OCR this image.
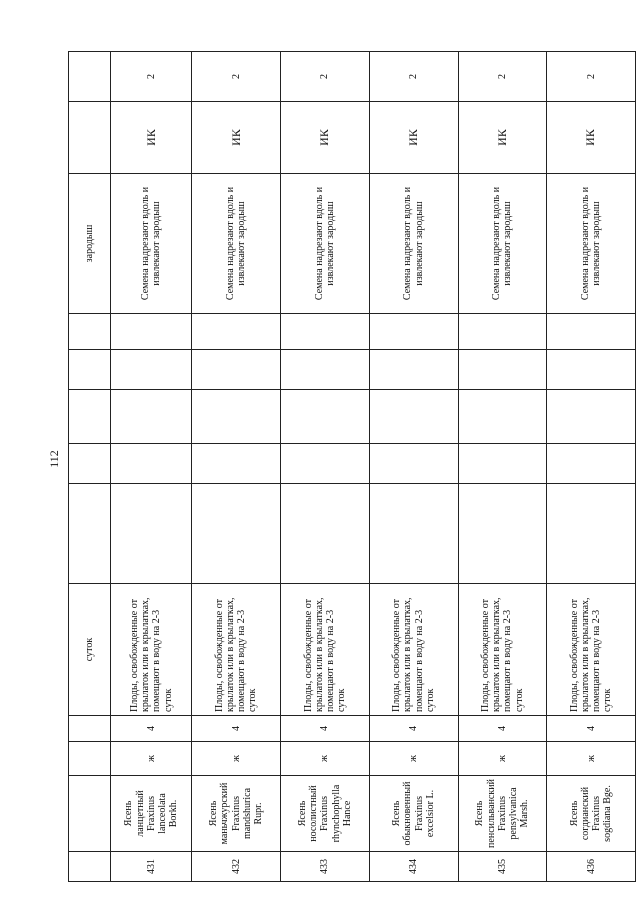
112
				суток						зародыш		
431	Ясень ланцетный Fraxinus lanceolata Borkh.	ж	4	Плоды, освобожденные от крылаток или в крылатках, помещают в воду на 2-3 суток						Семена надрезают вдоль и извлекают зародыш	ИК	2
432	Ясень маньчжурский Fraxinus mandshurica Rupr.	ж	4	Плоды, освобожденные от крылаток или в крылатках, помещают в воду на 2-3 суток						Семена надрезают вдоль и извлекают зародыш	ИК	2
433	Ясень носолистный Fraxinus rhynchophylla Hance	ж	4	Плоды, освобожденные от крылаток или в крылатках, помещают в воду на 2-3 суток						Семена надрезают вдоль и извлекают зародыш	ИК	2
434	Ясень обыкновенный Fraxinus excelsior L.	ж	4	Плоды, освобожденные от крылаток или в крылатках, помещают в воду на 2-3 суток						Семена надрезают вдоль и извлекают зародыш	ИК	2
435	Ясень пенсильванский Fraxinus pensylvanica Marsh.	ж	4	Плоды, освобожденные от крылаток или в крылатках, помещают в воду на 2-3 суток						Семена надрезают вдоль и извлекают зародыш	ИК	2
436	Ясень согдианский Fraxinus sogdiana Bge.	ж	4	Плоды, освобожденные от крылаток или в крылатках, помещают в воду на 2-3 суток						Семена надрезают вдоль и извлекают зародыш	ИК	2
